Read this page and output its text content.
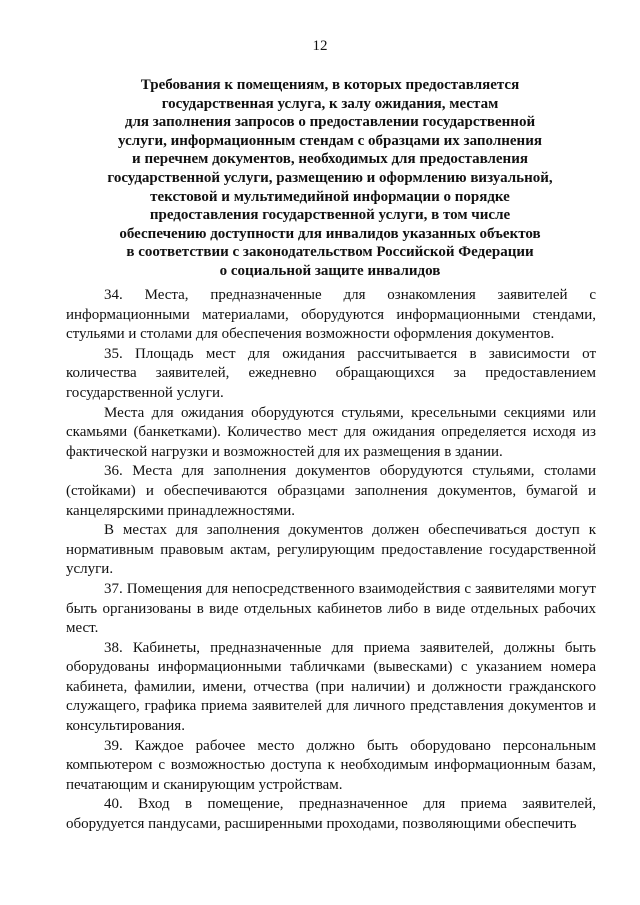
12
Требования к помещениям, в которых предоставляется
государственная услуга, к залу ожидания, местам
для заполнения запросов о предоставлении государственной
услуги, информационным стендам с образцами их заполнения
и перечнем документов, необходимых для предоставления
государственной услуги, размещению и оформлению визуальной,
текстовой и мультимедийной информации о порядке
предоставления государственной услуги, в том числе
обеспечению доступности для инвалидов указанных объектов
в соответствии с законодательством Российской Федерации
о социальной защите инвалидов

34. Места, предназначенные для ознакомления заявителей с информационными материалами, оборудуются информационными стендами, стульями и столами для обеспечения возможности оформления документов.

35. Площадь мест для ожидания рассчитывается в зависимости от количества заявителей, ежедневно обращающихся за предоставлением государственной услуги.

Места для ожидания оборудуются стульями, кресельными секциями или скамьями (банкетками). Количество мест для ожидания определяется исходя из фактической нагрузки и возможностей для их размещения в здании.

36. Места для заполнения документов оборудуются стульями, столами (стойками) и обеспечиваются образцами заполнения документов, бумагой и канцелярскими принадлежностями.

В местах для заполнения документов должен обеспечиваться доступ к нормативным правовым актам, регулирующим предоставление государственной услуги.

37. Помещения для непосредственного взаимодействия с заявителями могут быть организованы в виде отдельных кабинетов либо в виде отдельных рабочих мест.

38. Кабинеты, предназначенные для приема заявителей, должны быть оборудованы информационными табличками (вывесками) с указанием номера кабинета, фамилии, имени, отчества (при наличии) и должности гражданского служащего, графика приема заявителей для личного представления документов и консультирования.

39. Каждое рабочее место должно быть оборудовано персональным компьютером с возможностью доступа к необходимым информационным базам, печатающим и сканирующим устройствам.

40. Вход в помещение, предназначенное для приема заявителей, оборудуется пандусами, расширенными проходами, позволяющими обеспечить
